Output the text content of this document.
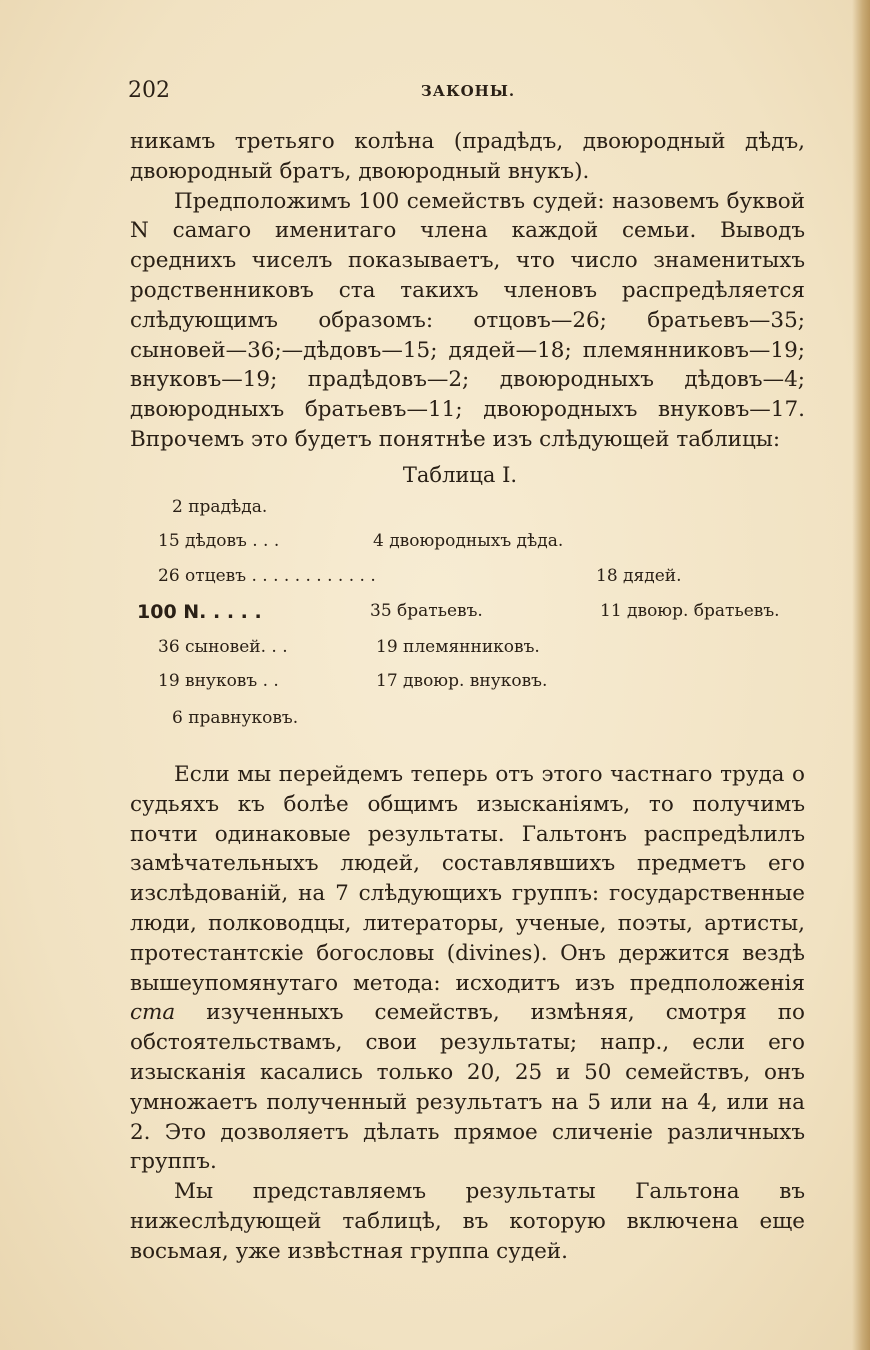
202	ЗАКОНЫ.

никамъ третьяго колѣна (прадѣдъ, двоюродный дѣдъ, двоюродный братъ, двоюродный внукъ).

Предположимъ 100 семействъ судей: назовемъ буквой N самаго именитаго члена каждой семьи. Выводъ среднихъ чиселъ показываетъ, что число знаменитыхъ родственниковъ ста такихъ членовъ распредѣляется слѣдующимъ образомъ: отцовъ—26; братьевъ—35; сыновей—36;—дѣдовъ—15; дядей—18; племянниковъ—19; внуковъ—19; прадѣдовъ—2; двоюродныхъ дѣдовъ—4; двоюродныхъ братьевъ—11; двоюродныхъ внуковъ—17. Впрочемъ это будетъ понятнѣе изъ слѣдующей таблицы:

Таблица I.
2 прадѣда.
15 дѣдовъ . . .	4 двоюродныхъ дѣда.
26 отцевъ . . . . . . . . . . . .	18 дядей.
100 N. . . . .	35 братьевъ.	11 двоюр. братьевъ.
36 сыновей. . .	19 племянниковъ.
19 внуковъ . .	17 двоюр. внуковъ.
6 правнуковъ.

Если мы перейдемъ теперь отъ этого частнаго труда о судьяхъ къ болѣе общимъ изысканiямъ, то получимъ почти одинаковые результаты. Гальтонъ распредѣлилъ замѣчательныхъ людей, составлявшихъ предметъ его изслѣдованiй, на 7 слѣдующихъ группъ: государственные люди, полководцы, литераторы, ученые, поэты, артисты, протестантскiе богословы (divines). Онъ держится вездѣ вышеупомянутаго метода: исходитъ изъ предположенiя ста изученныхъ семействъ, измѣняя, смотря по обстоятельствамъ, свои результаты; напр., если его изысканiя касались только 20, 25 и 50 семействъ, онъ умножаетъ полученный результатъ на 5 или на 4, или на 2. Это дозволяетъ дѣлать прямое сличенiе различныхъ группъ.

Мы представляемъ результаты Гальтона въ нижеслѣдующей таблицѣ, въ которую включена еще восьмая, уже извѣстная группа судей.
